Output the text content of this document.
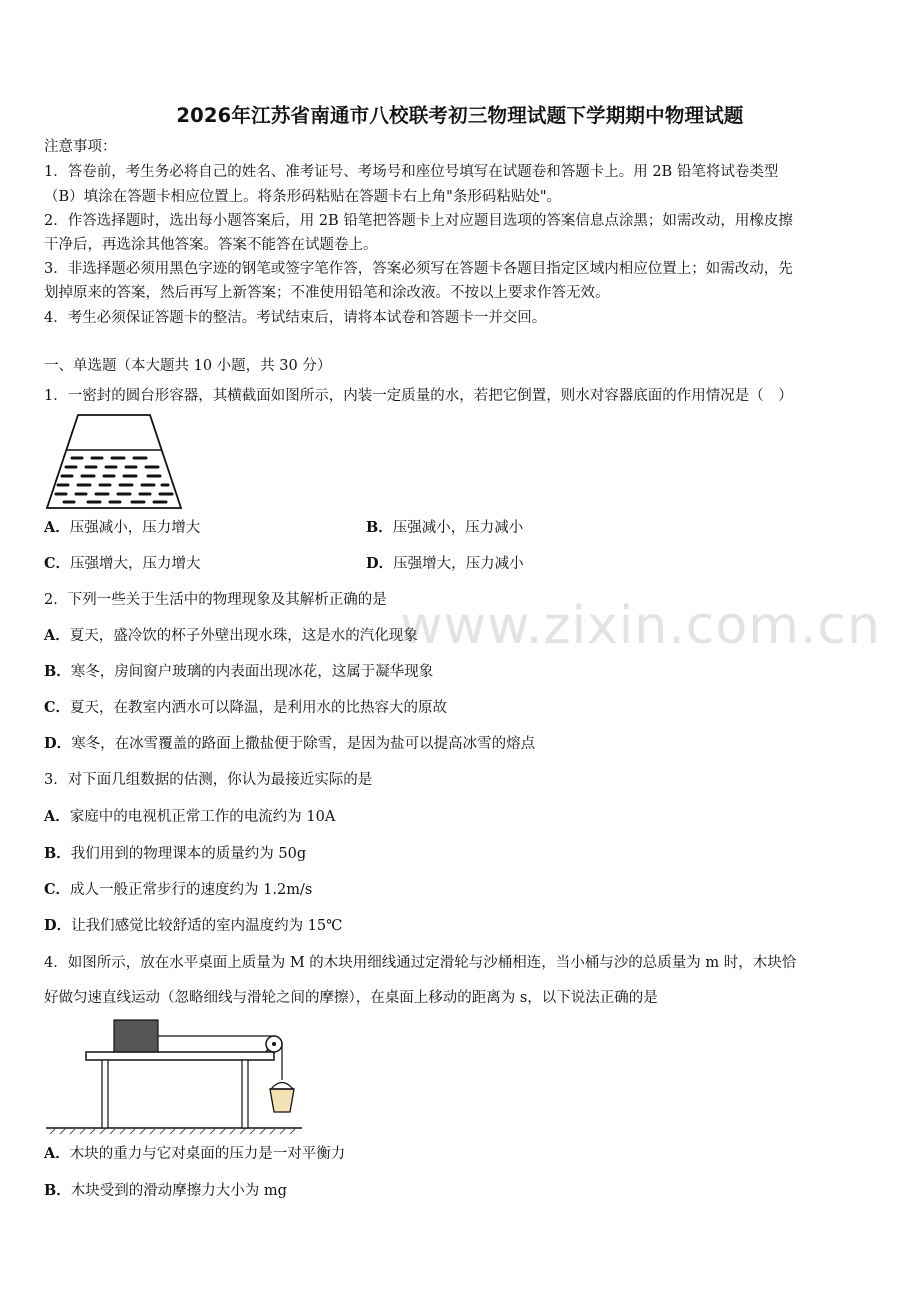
www.zixin.com.cn
2026年江苏省南通市八校联考初三物理试题下学期期中物理试题
注意事项：
1．答卷前，考生务必将自己的姓名、准考证号、考场号和座位号填写在试题卷和答题卡上。用 2B 铅笔将试卷类型
（B）填涂在答题卡相应位置上。将条形码粘贴在答题卡右上角"条形码粘贴处"。
2．作答选择题时，选出每小题答案后，用 2B 铅笔把答题卡上对应题目选项的答案信息点涂黑；如需改动，用橡皮擦
干净后，再选涂其他答案。答案不能答在试题卷上。
3．非选择题必须用黑色字迹的钢笔或签字笔作答，答案必须写在答题卡各题目指定区域内相应位置上；如需改动，先
划掉原来的答案，然后再写上新答案；不准使用铅笔和涂改液。不按以上要求作答无效。
4．考生必须保证答题卡的整洁。考试结束后，请将本试卷和答题卡一并交回。
一、单选题（本大题共 10 小题，共 30 分）
1．一密封的圆台形容器，其横截面如图所示，内装一定质量的水，若把它倒置，则水对容器底面的作用情况是（　）
A．压强减小，压力增大	B．压强减小，压力减小
C．压强增大，压力增大	D．压强增大，压力减小
2．下列一些关于生活中的物理现象及其解析正确的是
A．夏天，盛冷饮的杯子外壁出现水珠，这是水的汽化现象
B．寒冬，房间窗户玻璃的内表面出现冰花，这属于凝华现象
C．夏天，在教室内洒水可以降温，是利用水的比热容大的原故
D．寒冬，在冰雪覆盖的路面上撒盐便于除雪，是因为盐可以提高冰雪的熔点
3．对下面几组数据的估测，你认为最接近实际的是
A．家庭中的电视机正常工作的电流约为 10A
B．我们用到的物理课本的质量约为 50g
C．成人一般正常步行的速度约为 1.2m/s
D．让我们感觉比较舒适的室内温度约为 15℃
4．如图所示，放在水平桌面上质量为 M 的木块用细线通过定滑轮与沙桶相连，当小桶与沙的总质量为 m 时，木块恰
好做匀速直线运动（忽略细线与滑轮之间的摩擦），在桌面上移动的距离为 s，以下说法正确的是
A．木块的重力与它对桌面的压力是一对平衡力
B．木块受到的滑动摩擦力大小为 mg
